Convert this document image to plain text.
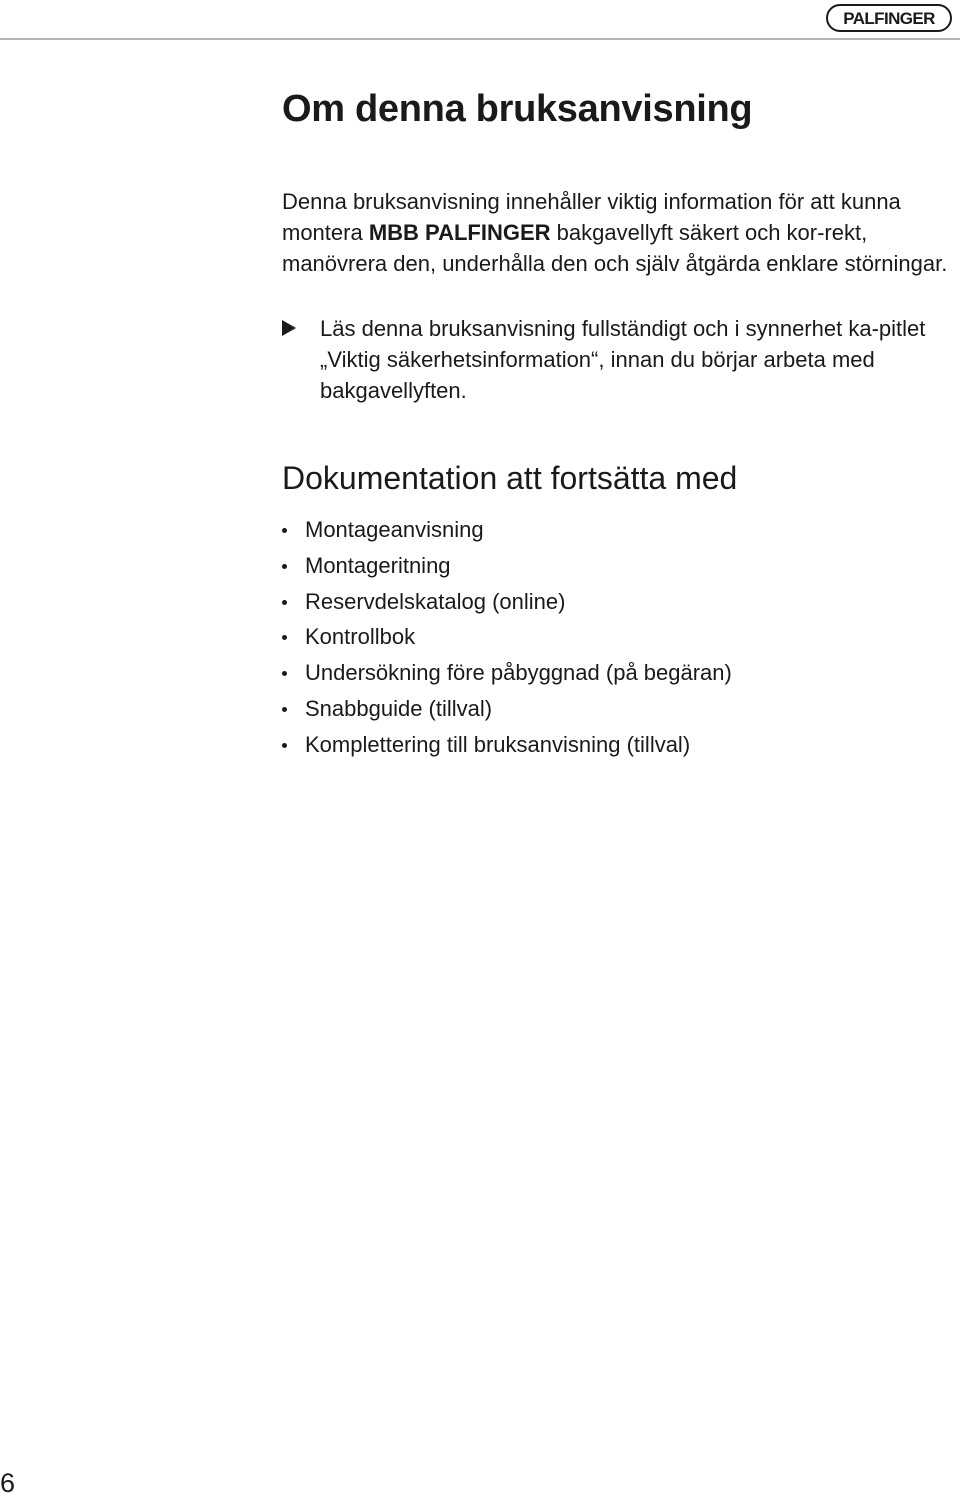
PALFINGER
Om denna bruksanvisning

Denna bruksanvisning innehåller viktig information för att kunna montera MBB PALFINGER bakgavellyft säkert och kor-rekt, manövrera den, underhålla den och själv åtgärda enklare störningar.

Läs denna bruksanvisning fullständigt och i synnerhet ka-pitlet „Viktig säkerhetsinformation“, innan du börjar arbeta med bakgavellyften.

Dokumentation att fortsätta med
Montageanvisning
Montageritning
Reservdelskatalog (online)
Kontrollbok
Undersökning före påbyggnad (på begäran)
Snabbguide (tillval)
Komplettering till bruksanvisning (tillval)
6
